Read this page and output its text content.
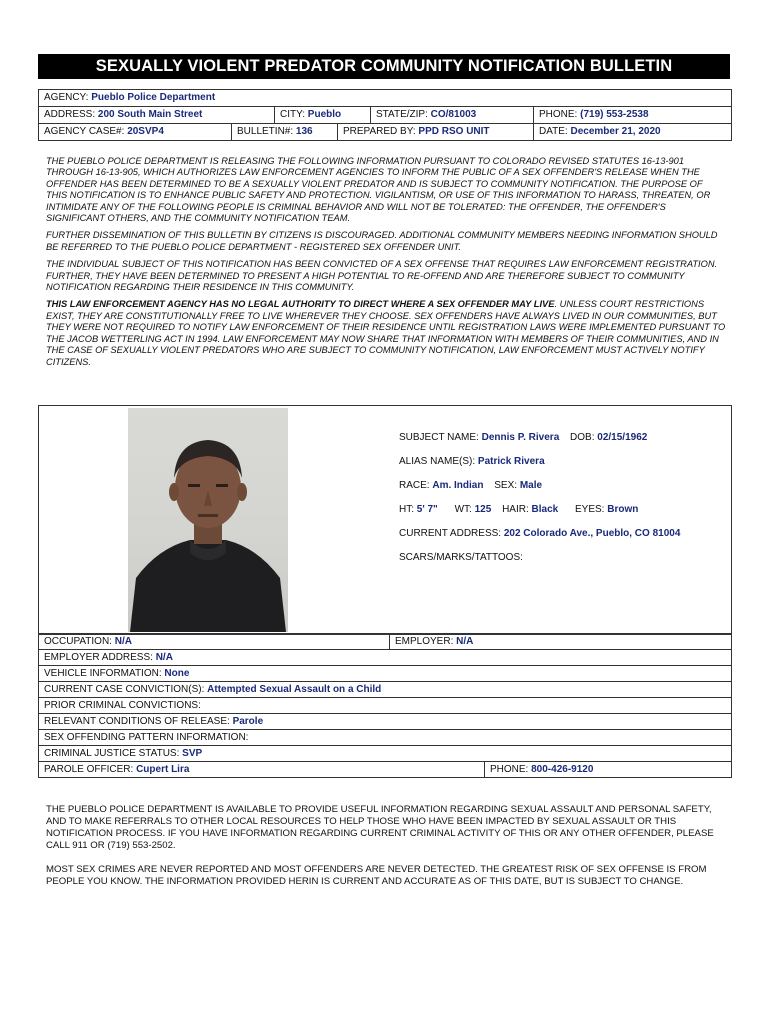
SEXUALLY VIOLENT PREDATOR COMMUNITY NOTIFICATION BULLETIN
AGENCY: Pueblo Police Department
ADDRESS: 200 South Main Street	CITY: Pueblo	STATE/ZIP: CO/81003	PHONE: (719) 553-2538
AGENCY CASE#: 20SVP4	BULLETIN#: 136	PREPARED BY: PPD RSO UNIT	DATE: December 21, 2020

THE PUEBLO POLICE DEPARTMENT IS RELEASING THE FOLLOWING INFORMATION PURSUANT TO COLORADO REVISED STATUTES 16-13-901 THROUGH 16-13-905, WHICH AUTHORIZES LAW ENFORCEMENT AGENCIES TO INFORM THE PUBLIC OF A SEX OFFENDER'S RELEASE WHEN THE OFFENDER HAS BEEN DETERMINED TO BE A SEXUALLY VIOLENT PREDATOR AND IS SUBJECT TO COMMUNITY NOTIFICATION. THE PURPOSE OF THIS NOTIFICATION IS TO ENHANCE PUBLIC SAFETY AND PROTECTION. VIGILANTISM, OR USE OF THIS INFORMATION TO HARASS, THREATEN, OR INTIMIDATE ANY OF THE FOLLOWING PEOPLE IS CRIMINAL BEHAVIOR AND WILL NOT BE TOLERATED: THE OFFENDER, THE OFFENDER'S SIGNIFICANT OTHERS, AND THE COMMUNITY NOTIFICATION TEAM.

FURTHER DISSEMINATION OF THIS BULLETIN BY CITIZENS IS DISCOURAGED. ADDITIONAL COMMUNITY MEMBERS NEEDING INFORMATION SHOULD BE REFERRED TO THE PUEBLO POLICE DEPARTMENT - REGISTERED SEX OFFENDER UNIT.

THE INDIVIDUAL SUBJECT OF THIS NOTIFICATION HAS BEEN CONVICTED OF A SEX OFFENSE THAT REQUIRES LAW ENFORCEMENT REGISTRATION. FURTHER, THEY HAVE BEEN DETERMINED TO PRESENT A HIGH POTENTIAL TO RE-OFFEND AND ARE THEREFORE SUBJECT TO COMMUNITY NOTIFICATION REGARDING THEIR RESIDENCE IN THIS COMMUNITY.

THIS LAW ENFORCEMENT AGENCY HAS NO LEGAL AUTHORITY TO DIRECT WHERE A SEX OFFENDER MAY LIVE. UNLESS COURT RESTRICTIONS EXIST, THEY ARE CONSTITUTIONALLY FREE TO LIVE WHEREVER THEY CHOOSE. SEX OFFENDERS HAVE ALWAYS LIVED IN OUR COMMUNITIES, BUT THEY WERE NOT REQUIRED TO NOTIFY LAW ENFORCEMENT OF THEIR RESIDENCE UNTIL REGISTRATION LAWS WERE IMPLEMENTED PURSUANT TO THE JACOB WETTERLING ACT IN 1994. LAW ENFORCEMENT MAY NOW SHARE THAT INFORMATION WITH MEMBERS OF THEIR COMMUNITIES, AND IN THE CASE OF SEXUALLY VIOLENT PREDATORS WHO ARE SUBJECT TO COMMUNITY NOTIFICATION, LAW ENFORCEMENT MUST ACTIVELY NOTIFY CITIZENS.

SUBJECT NAME: Dennis P. Rivera DOB: 02/15/1962
ALIAS NAME(S): Patrick Rivera
RACE: Am. Indian SEX: Male
HT: 5' 7" WT: 125 HAIR: Black EYES: Brown
CURRENT ADDRESS: 202 Colorado Ave., Pueblo, CO 81004
SCARS/MARKS/TATTOOS:
OCCUPATION: N/A	EMPLOYER: N/A
EMPLOYER ADDRESS: N/A
VEHICLE INFORMATION: None
CURRENT CASE CONVICTION(S): Attempted Sexual Assault on a Child
PRIOR CRIMINAL CONVICTIONS:
RELEVANT CONDITIONS OF RELEASE: Parole
SEX OFFENDING PATTERN INFORMATION:
CRIMINAL JUSTICE STATUS: SVP
PAROLE OFFICER: Cupert Lira	PHONE: 800-426-9120

THE PUEBLO POLICE DEPARTMENT IS AVAILABLE TO PROVIDE USEFUL INFORMATION REGARDING SEXUAL ASSAULT AND PERSONAL SAFETY, AND TO MAKE REFERRALS TO OTHER LOCAL RESOURCES TO HELP THOSE WHO HAVE BEEN IMPACTED BY SEXUAL ASSAULT OR THIS NOTIFICATION PROCESS. IF YOU HAVE INFORMATION REGARDING CURRENT CRIMINAL ACTIVITY OF THIS OR ANY OTHER OFFENDER, PLEASE CALL 911 OR (719) 553-2502.

MOST SEX CRIMES ARE NEVER REPORTED AND MOST OFFENDERS ARE NEVER DETECTED. THE GREATEST RISK OF SEX OFFENSE IS FROM PEOPLE YOU KNOW. THE INFORMATION PROVIDED HERIN IS CURRENT AND ACCURATE AS OF THIS DATE, BUT IS SUBJECT TO CHANGE.
